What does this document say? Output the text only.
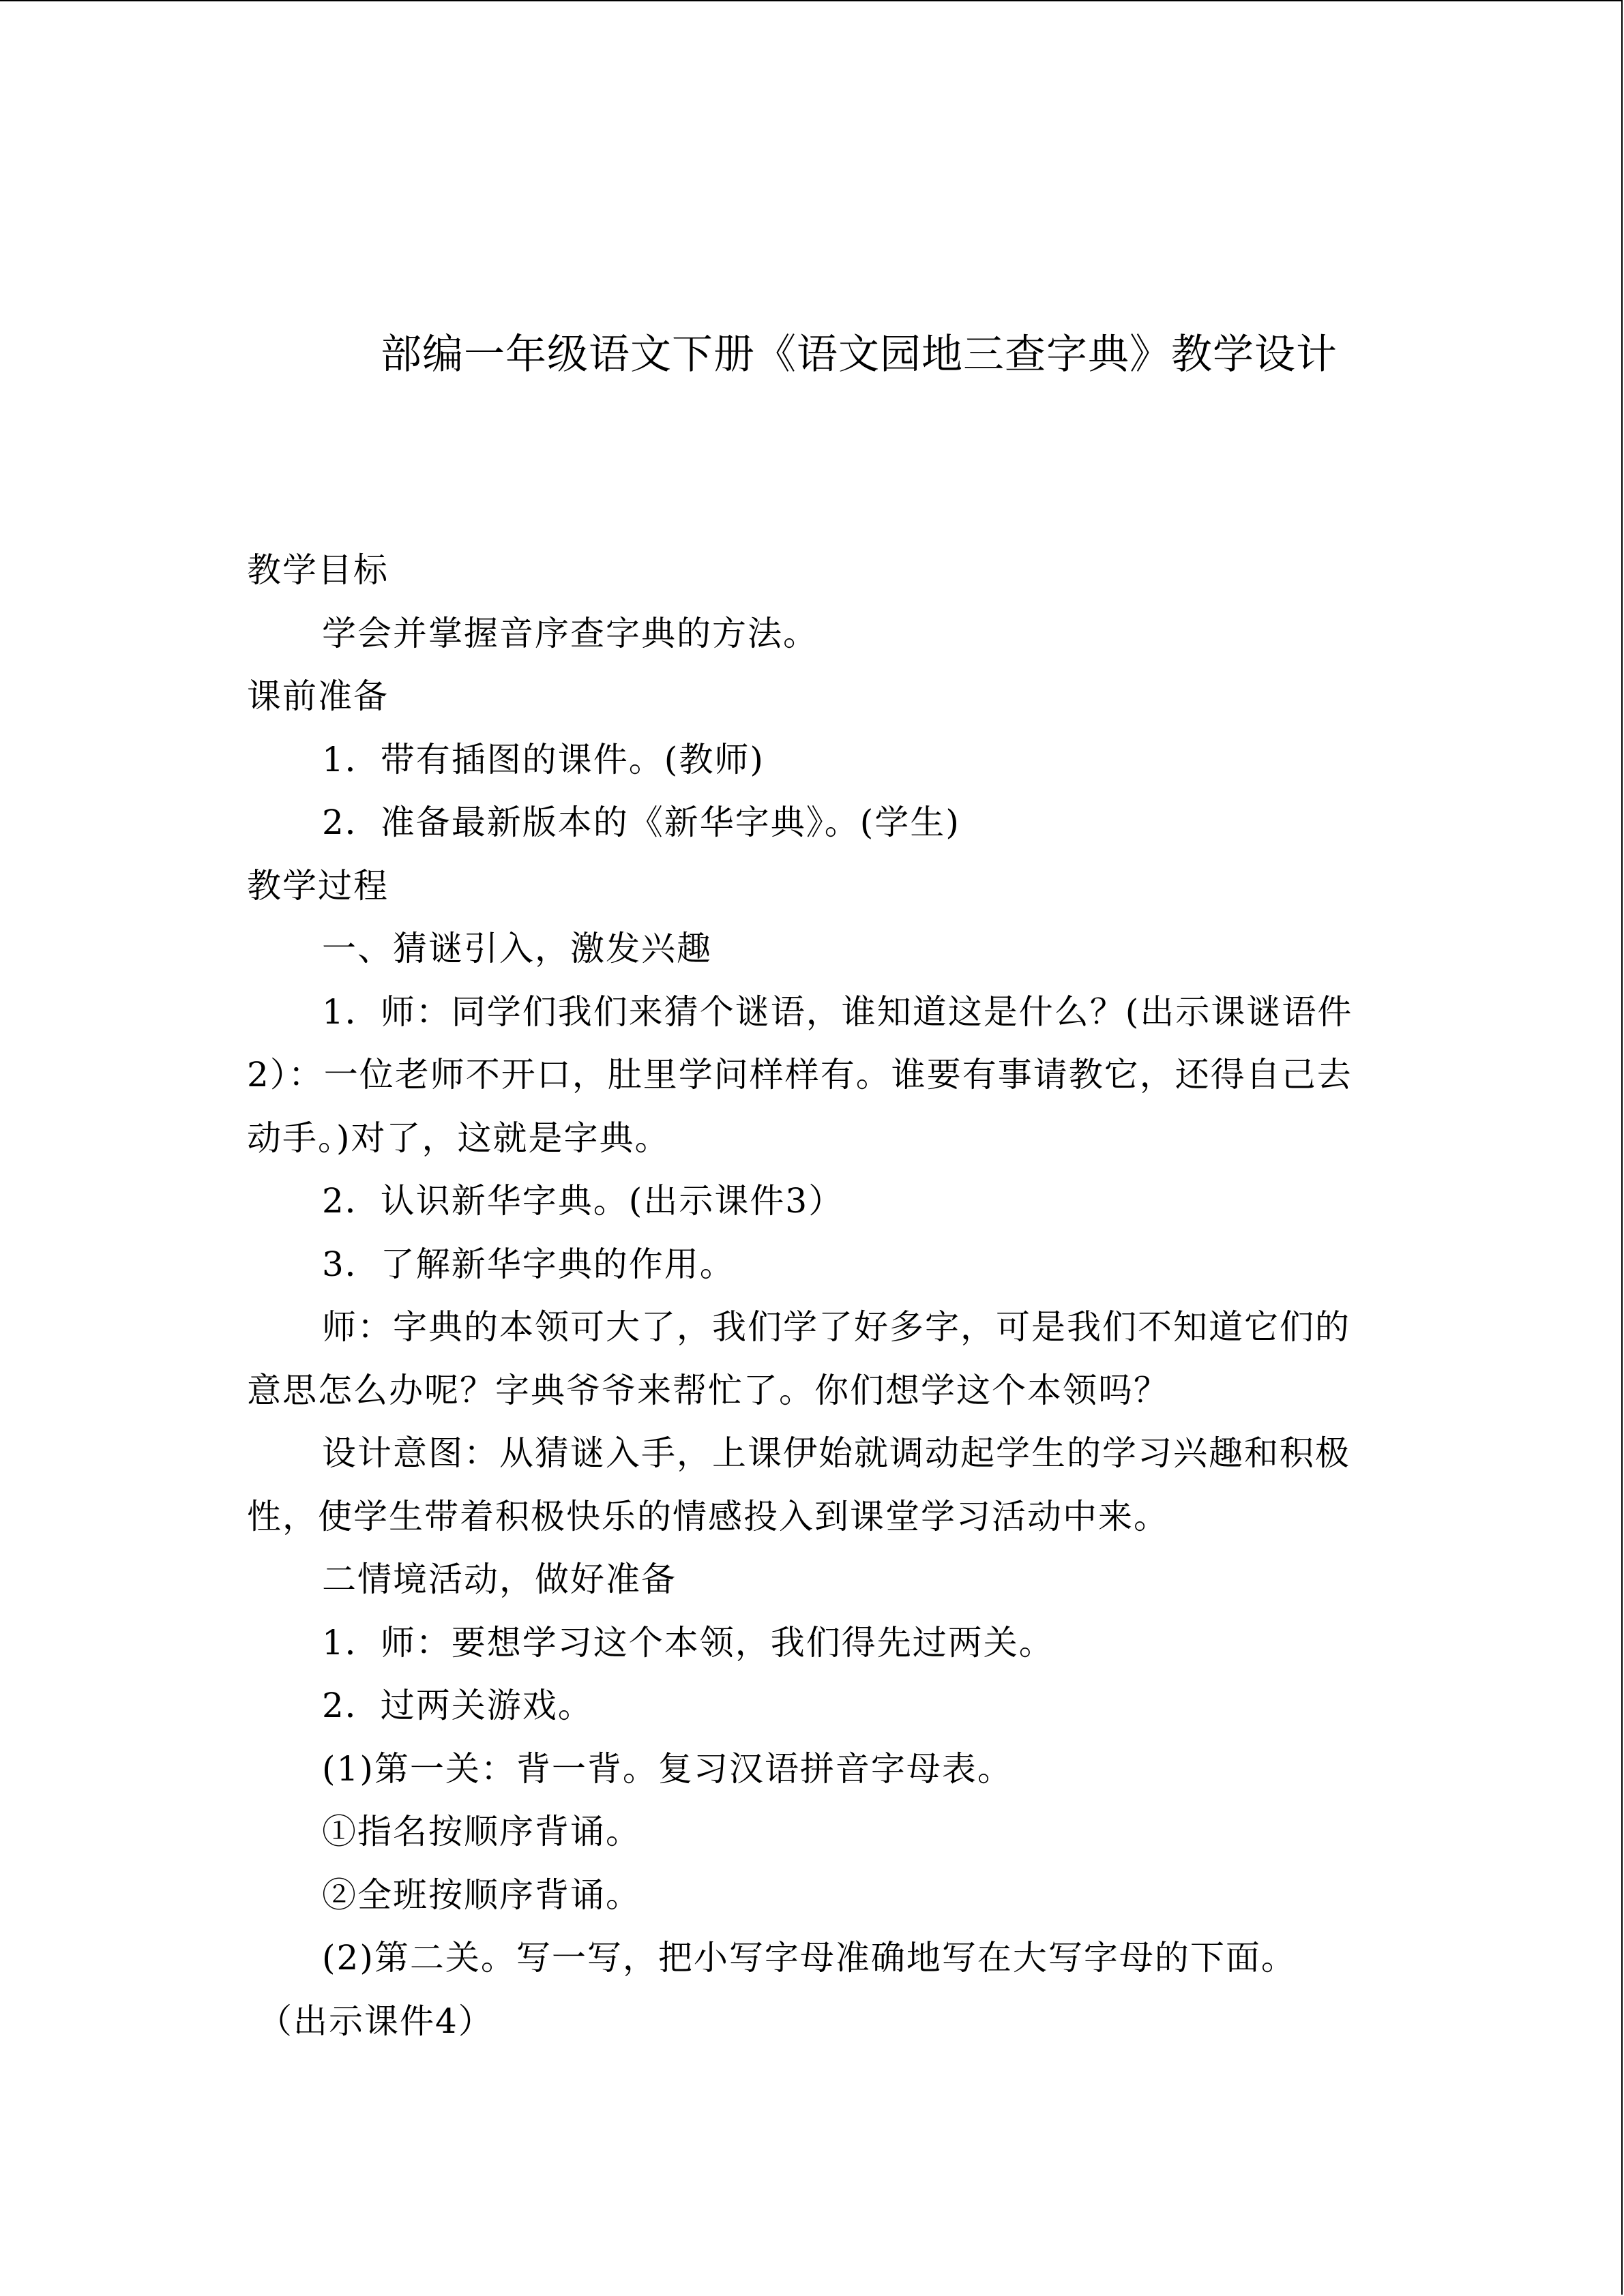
部编一年级语文下册《语文园地三查字典》教学设计

教学目标

学会并掌握音序查字典的方法。

课前准备

1．带有插图的课件。(教师)

2．准备最新版本的《新华字典》。(学生)

教学过程

一、猜谜引入，激发兴趣

1．师：同学们我们来猜个谜语，谁知道这是什么？(出示课谜语件2）：一位老师不开口，肚里学问样样有。谁要有事请教它，还得自己去动手。)对了，这就是字典。

2．认识新华字典。(出示课件3）

3．了解新华字典的作用。

师：字典的本领可大了，我们学了好多字，可是我们不知道它们的意思怎么办呢？字典爷爷来帮忙了。你们想学这个本领吗？

设计意图：从猜谜入手，上课伊始就调动起学生的学习兴趣和积极性，使学生带着积极快乐的情感投入到课堂学习活动中来。

二情境活动，做好准备

1．师：要想学习这个本领，我们得先过两关。

2．过两关游戏。

(1)第一关：背一背。复习汉语拼音字母表。

①指名按顺序背诵。

②全班按顺序背诵。

(2)第二关。写一写，把小写字母准确地写在大写字母的下面。

（出示课件4）
